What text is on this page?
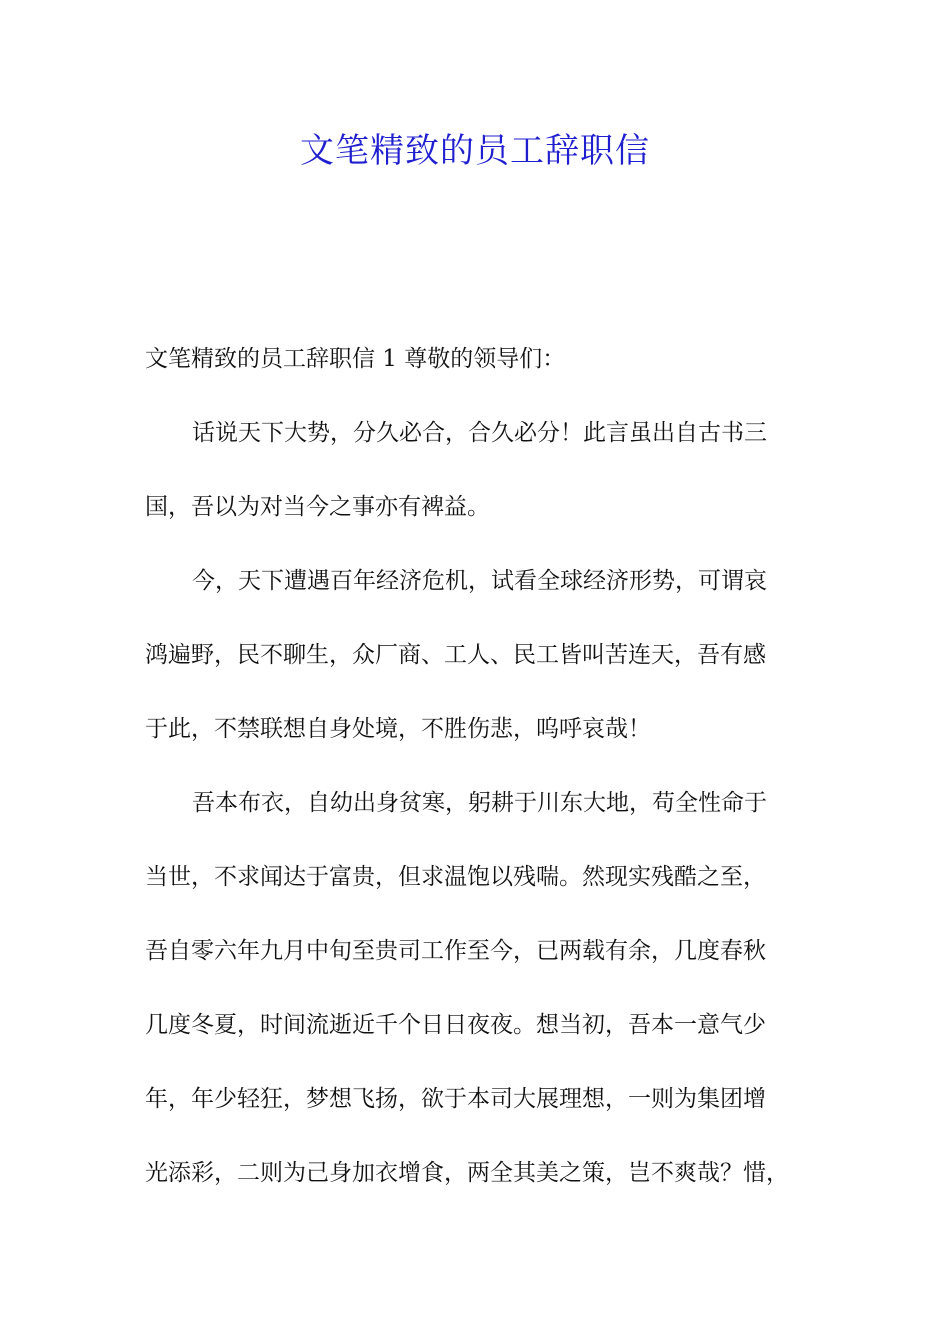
文笔精致的员工辞职信
文笔精致的员工辞职信 1 尊敬的领导们：
话说天下大势，分久必合，合久必分！此言虽出自古书三
国，吾以为对当今之事亦有裨益。
今，天下遭遇百年经济危机，试看全球经济形势，可谓哀
鸿遍野，民不聊生，众厂商、工人、民工皆叫苦连天，吾有感
于此，不禁联想自身处境，不胜伤悲，呜呼哀哉！
吾本布衣，自幼出身贫寒，躬耕于川东大地，苟全性命于
当世，不求闻达于富贵，但求温饱以残喘。然现实残酷之至，
吾自零六年九月中旬至贵司工作至今，已两载有余，几度春秋
几度冬夏，时间流逝近千个日日夜夜。想当初，吾本一意气少
年，年少轻狂，梦想飞扬，欲于本司大展理想，一则为集团增
光添彩，二则为己身加衣增食，两全其美之策，岂不爽哉？惜，
